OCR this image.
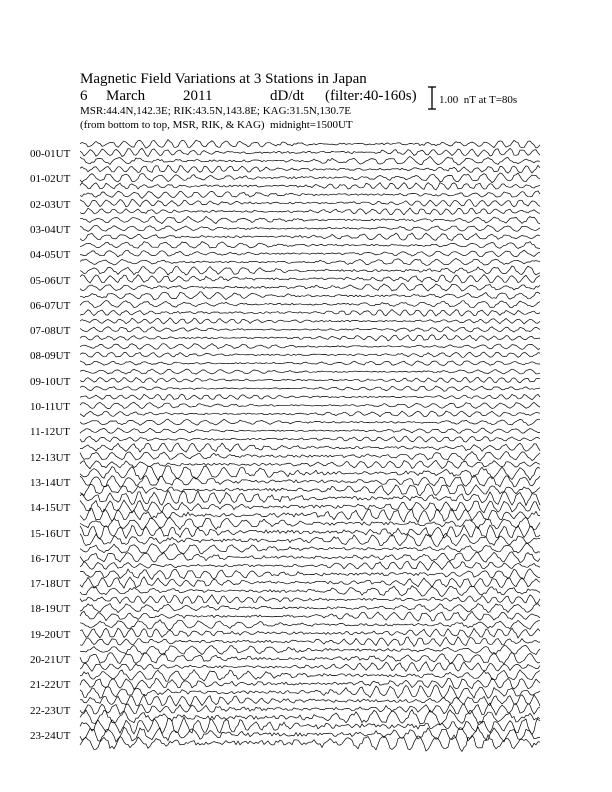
Magnetic Field Variations at 3 Stations in Japan

6

March

	2011

	dD/dt

(filter:40-160s)

MSR:44.4N,142.3E; RIK:43.5N,143.8E; KAG:31.5N,130.7E
(from bottom to top, MSR, RIK, & KAG)  midnight=1500UT
1.00  nT at T=80s
00-01UT
01-02UT
02-03UT
03-04UT
04-05UT
05-06UT
06-07UT
07-08UT
08-09UT
09-10UT
10-11UT
11-12UT
12-13UT
13-14UT
14-15UT
15-16UT
16-17UT
17-18UT
18-19UT
19-20UT
20-21UT
21-22UT
22-23UT
23-24UT
